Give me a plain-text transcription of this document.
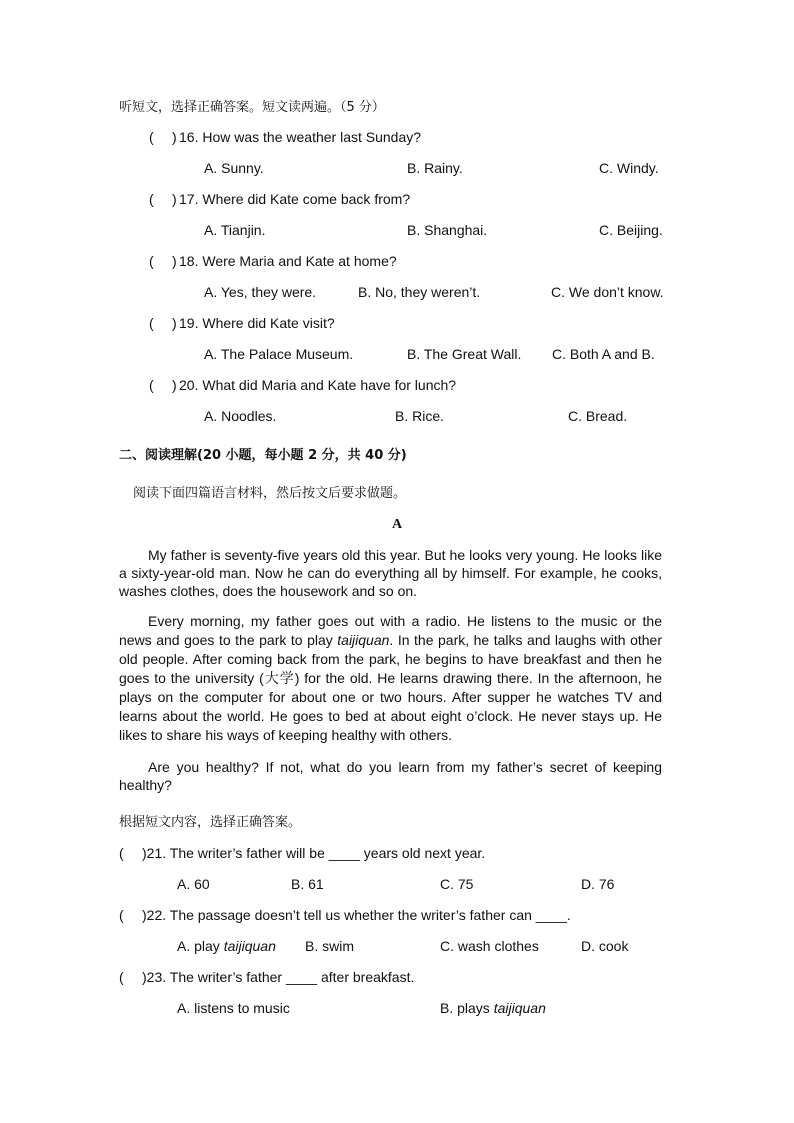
听短文，选择正确答案。短文读两遍。（5 分）
( ) 16. How was the weather last Sunday?
A. Sunny.	B. Rainy.	C. Windy.
( ) 17. Where did Kate come back from?
A. Tianjin.	B. Shanghai.	C. Beijing.
( ) 18. Were Maria and Kate at home?
A. Yes, they were.	B. No, they weren’t.	C. We don’t know.
( ) 19. Where did Kate visit?
A. The Palace Museum.	B. The Great Wall. C. Both A and B.
( ) 20. What did Maria and Kate have for lunch?
A. Noodles.	B. Rice.	C. Bread.
二、阅读理解(20 小题，每小题 2 分，共 40 分)
阅读下面四篇语言材料，然后按文后要求做题。
A
My father is seventy-five years old this year. But he looks very young. He looks like a sixty-year-old man. Now he can do everything all by himself. For example, he cooks, washes clothes, does the housework and so on.
Every morning, my father goes out with a radio. He listens to the music or the news and goes to the park to play taijiquan. In the park, he talks and laughs with other old people. After coming back from the park, he begins to have breakfast and then he goes to the university (大学) for the old. He learns drawing there. In the afternoon, he plays on the computer for about one or two hours. After supper he watches TV and learns about the world. He goes to bed at about eight o’clock. He never stays up. He likes to share his ways of keeping healthy with others.
Are you healthy? If not, what do you learn from my father’s secret of keeping healthy?
根据短文内容，选择正确答案。
( )21. The writer’s father will be ____ years old next year.
A. 60	B. 61	C. 75	D. 76
( )22. The passage doesn’t tell us whether the writer’s father can ____.
A. play taijiquan B. swim	C. wash clothes	D. cook
( )23. The writer’s father ____ after breakfast.
A. listens to music	B. plays taijiquan
